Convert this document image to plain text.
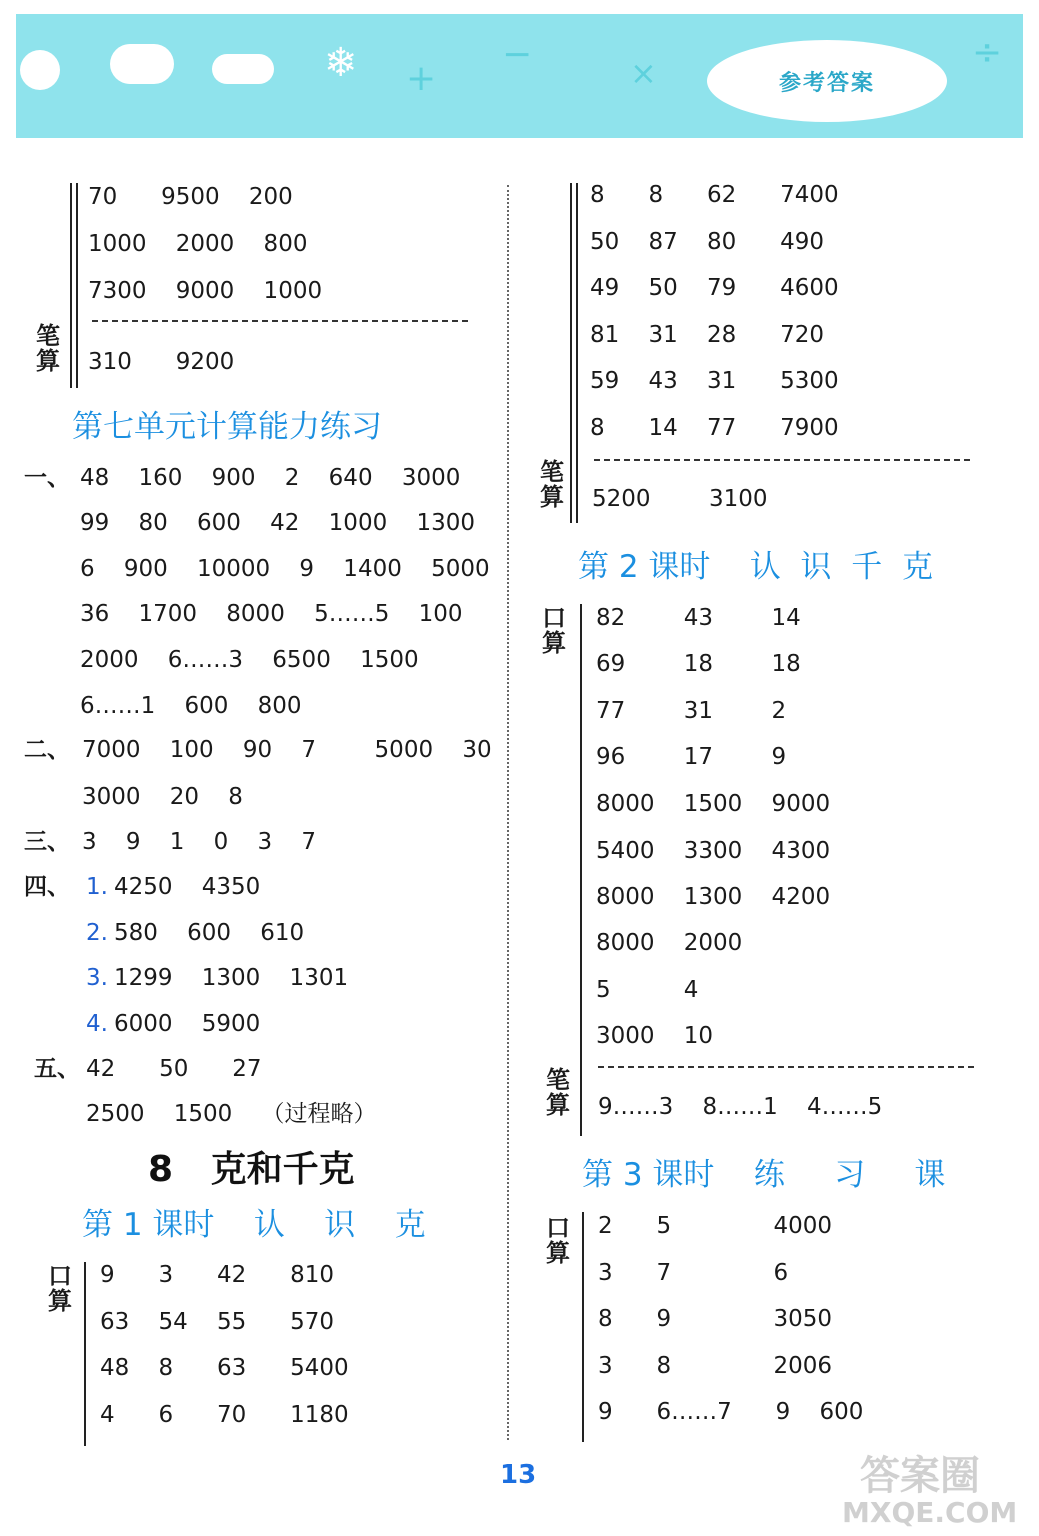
❄ +
−	×	÷
参考答案
70      9500    200
1000    2000    800
7300    9000    1000
笔算 310      9200
第七单元计算能力练习
一、 48    160    900    2    640    3000
99    80    600    42    1000    1300
6    900    10000    9    1400    5000
36    1700    8000    5……5    100
2000    6……3    6500    1500
6……1    600    800
二、 7000    100    90    7        5000    30
3000    20    8
三、 3    9    1    0    3    7
四、 1. 4250    4350
2. 580    600    610
3. 1299    1300    1301
4. 6000    5900
五、 42      50      27
2500    1500    （过程略）
8   克和千克
第 1 课时    认    识    克
口算
9      3      42      810
63    54    55      570
48    8      63      5400
4      6      70      1180
8      8      62      7400
50    87    80      490
49    50    79      4600
81    31    28      720
59    43    31      5300
8      14    77      7900
笔算 5200        3100
第 2 课时    认  识  千  克
口算
82        43        14
69        18        18
77        31        2
96        17        9
8000    1500    9000
5400    3300    4300
8000    1300    4200
8000    2000
5          4
3000    10
笔算 9……3    8……1    4……5
第 3 课时    练     习     课
口算
2      5              4000
3      7              6
8      9              3050
3      8              2006
9      6……7      9    600
13	答案圈
MXQE.COM
